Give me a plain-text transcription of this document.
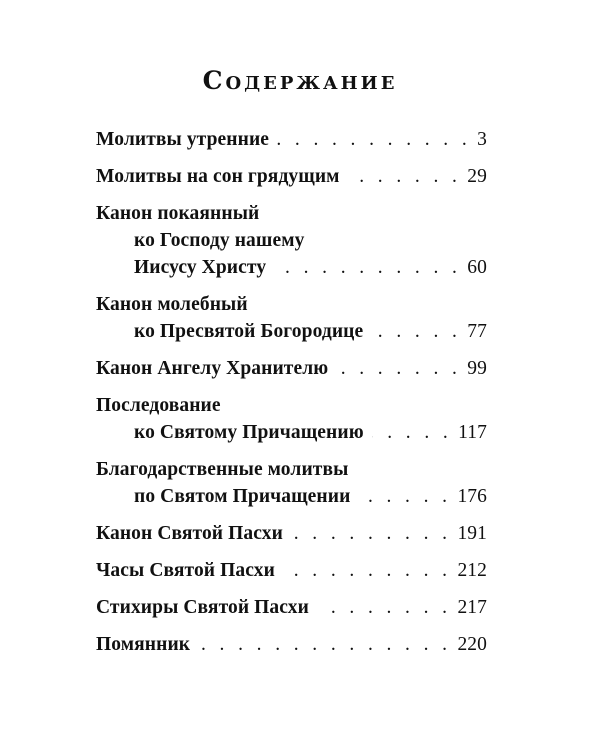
Содержание
Молитвы утренние . . .	3
Молитвы на сон грядущим . . .	29
Канон покаянный
ко Господу нашему
Иисусу Христу . . .	60
Канон молебный
ко Пресвятой Богородице . . .	77
Канон Ангелу Хранителю . . .	99
Последование
ко Святому Причащению . . .	117
Благодарственные молитвы
по Святом Причащении . . .	176
Канон Святой Пасхи . . .	191
Часы Святой Пасхи . . .	212
Стихиры Святой Пасхи . . .	217
Помянник . . .	220
